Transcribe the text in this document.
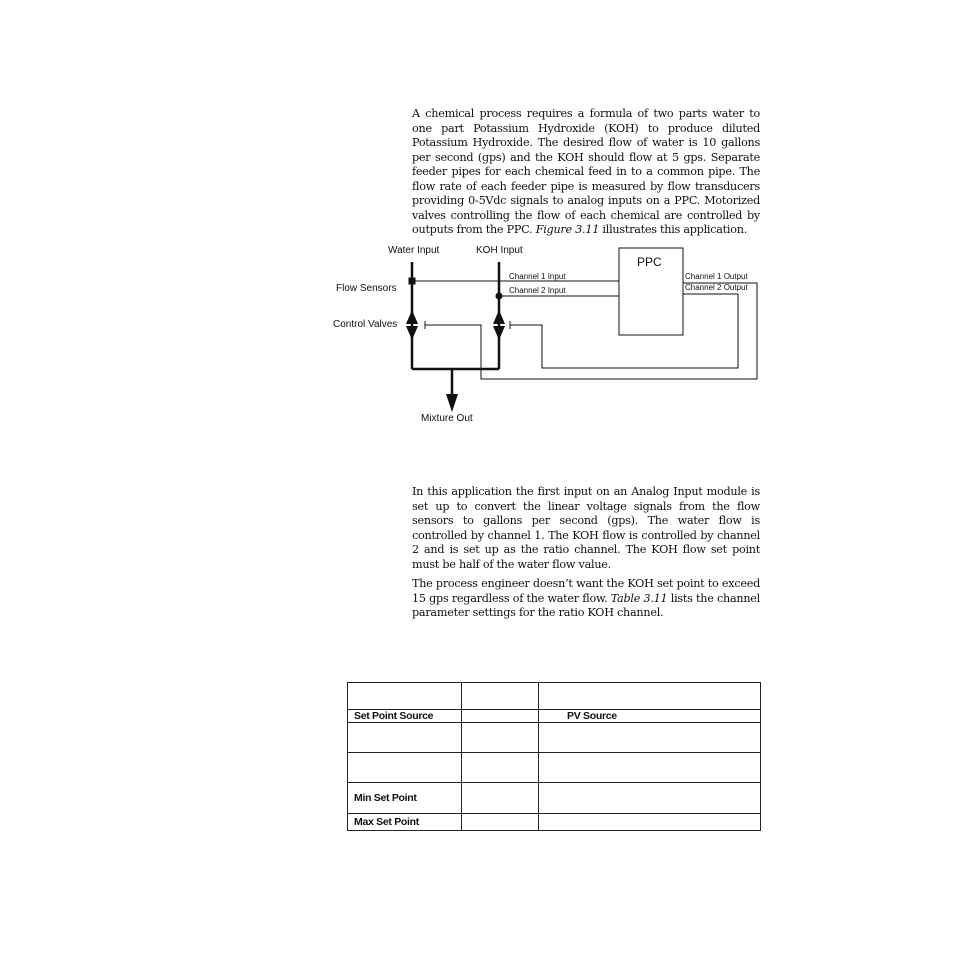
A chemical process requires a formula of two parts water to one part Potassium Hydroxide (KOH) to produce diluted Potassium Hydroxide. The desired flow of water is 10 gallons per second (gps) and the KOH should flow at 5 gps. Separate feeder pipes for each chemical feed in to a common pipe. The flow rate of each feeder pipe is measured by flow transducers providing 0-5Vdc signals to analog inputs on a PPC. Motorized valves controlling the flow of each chemical are controlled by outputs from the PPC. Figure 3.11 illustrates this application.

Water Input	KOH Input
Flow Sensors
Control Valves
Mixture Out
PPC
Channel 1 Input
Channel 2 Input
Channel 1 Output
Channel 2 Output

In this application the first input on an Analog Input module is set up to convert the linear voltage signals from the flow sensors to gallons per second (gps). The water flow is controlled by channel 1. The KOH flow is controlled by channel 2 and is set up as the ratio channel. The KOH flow set point must be half of the water flow value.

The process engineer doesn’t want the KOH set point to exceed 15 gps regardless of the water flow. Table 3.11 lists the channel parameter settings for the ratio KOH channel.

Set Point Source		PV Source

Min Set Point		
Max Set Point		
